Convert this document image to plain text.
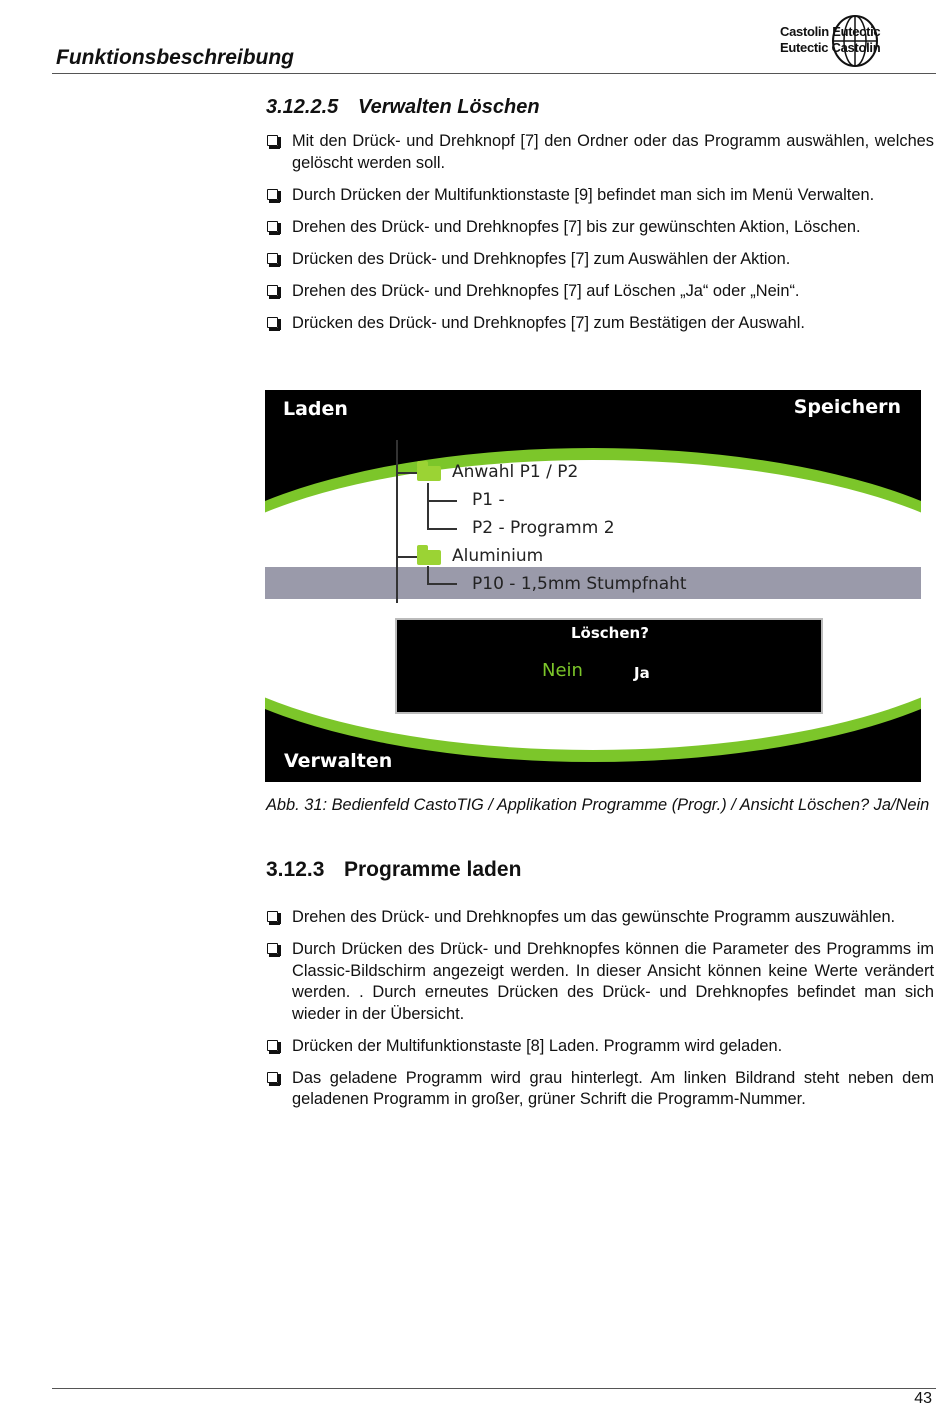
Funktionsbeschreibung
Castolin Eutectic
Eutectic Castolin
3.12.2.5 Verwalten Löschen
Mit den Drück- und Drehknopf [7] den Ordner oder das Programm auswählen, welches gelöscht werden soll.
Durch Drücken der Multifunktionstaste [9] befindet man sich im Menü Verwalten.
Drehen des Drück- und Drehknopfes [7] bis zur gewünschten Aktion, Löschen.
Drücken des Drück- und Drehknopfes [7] zum Auswählen der Aktion.
Drehen des Drück- und Drehknopfes [7] auf Löschen „Ja“ oder „Nein“.
Drücken des Drück- und Drehknopfes [7] zum Bestätigen der Auswahl.
Laden	Speichern
Anwahl P1 / P2
P1 -
P2 - Programm 2
Aluminium
P10 - 1,5mm Stumpfnaht
Löschen?
Nein	Ja
Verwalten
Abb. 31: Bedienfeld CastoTIG / Applikation Programme (Progr.) / Ansicht Löschen? Ja/Nein
3.12.3 Programme laden
Drehen des Drück- und Drehknopfes um das gewünschte Programm auszuwählen.
Durch Drücken des Drück- und Drehknopfes können die Parameter des Programms im Classic-Bildschirm angezeigt werden. In dieser Ansicht können keine Werte verändert werden. . Durch erneutes Drücken des Drück- und Drehknopfes befindet man sich wieder in der Übersicht.
Drücken der Multifunktionstaste [8] Laden. Programm wird geladen.
Das geladene Programm wird grau hinterlegt. Am linken Bildrand steht neben dem geladenen Programm in großer, grüner Schrift die Programm-Nummer.
43
